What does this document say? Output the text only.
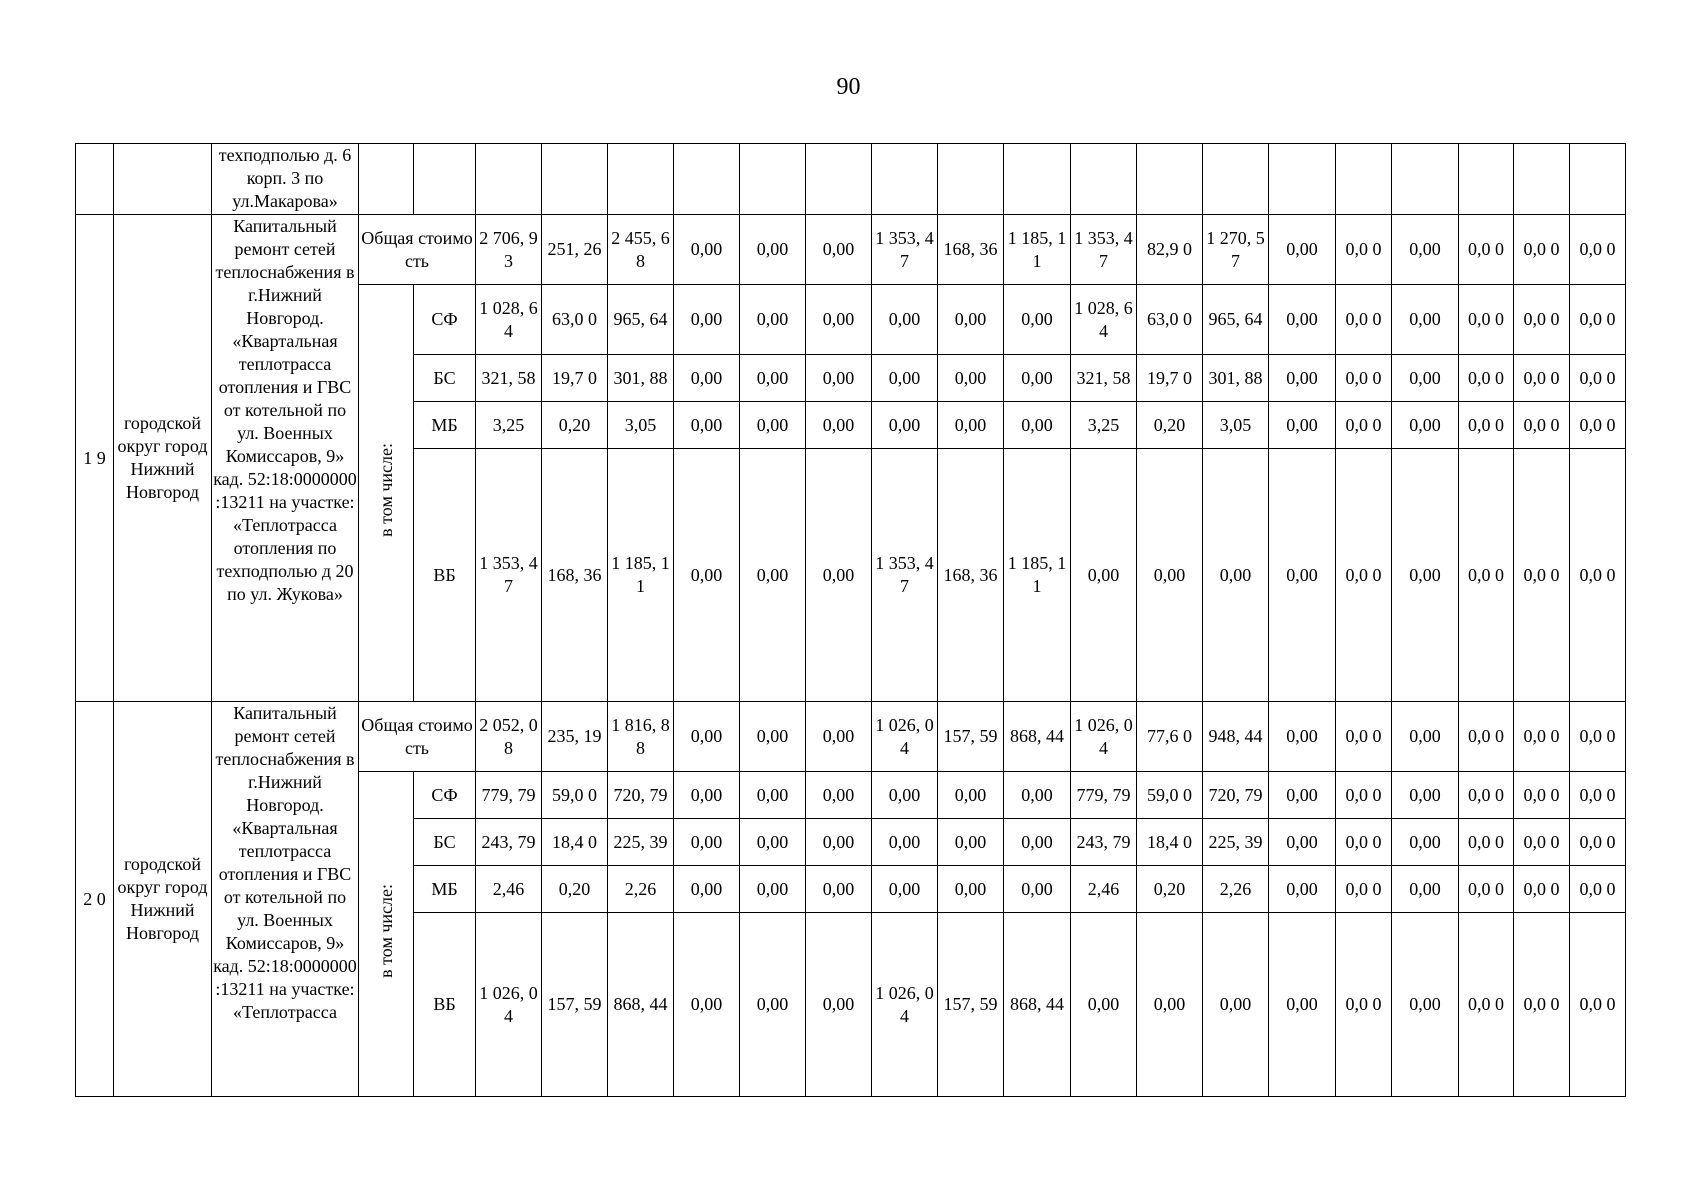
90
		техподполью д. 6 корп. 3 по ул.Макарова»																				
1 9	городской округ город Нижний Новгород	Капитальный ремонт сетей теплоснабжения в г.Нижний Новгород. «Квартальная теплотрасса отопления и ГВС от котельной по ул. Военных Комиссаров, 9» кад. 52:18:0000000 :13211 на участке: «Теплотрасса отопления по техподполью д 20 по ул. Жукова»	Общая стоимость		2 706, 93	251, 26	2 455, 68	0,00	0,00	0,00	1 353, 47	168, 36	1 185, 11	1 353, 47	82,9 0	1 270, 57	0,00	0,0 0	0,00	0,0 0	0,0 0	0,0 0
			в том числе:	СФ	1 028, 64	63,0 0	965, 64	0,00	0,00	0,00	0,00	0,00	0,00	1 028, 64	63,0 0	965, 64	0,00	0,0 0	0,00	0,0 0	0,0 0	0,0 0
				БС	321, 58	19,7 0	301, 88	0,00	0,00	0,00	0,00	0,00	0,00	321, 58	19,7 0	301, 88	0,00	0,0 0	0,00	0,0 0	0,0 0	0,0 0
				МБ	3,25	0,20	3,05	0,00	0,00	0,00	0,00	0,00	0,00	3,25	0,20	3,05	0,00	0,0 0	0,00	0,0 0	0,0 0	0,0 0
				ВБ	1 353, 47	168, 36	1 185, 11	0,00	0,00	0,00	1 353, 47	168, 36	1 185, 11	0,00	0,00	0,00	0,00	0,0 0	0,00	0,0 0	0,0 0	0,0 0
2 0	городской округ город Нижний Новгород	Капитальный ремонт сетей теплоснабжения в г.Нижний Новгород. «Квартальная теплотрасса отопления и ГВС от котельной по ул. Военных Комиссаров, 9» кад. 52:18:0000000 :13211 на участке: «Теплотрасса	Общая стоимость		2 052, 08	235, 19	1 816, 88	0,00	0,00	0,00	1 026, 04	157, 59	868, 44	1 026, 04	77,6 0	948, 44	0,00	0,0 0	0,00	0,0 0	0,0 0	0,0 0
			в том числе:	СФ	779, 79	59,0 0	720, 79	0,00	0,00	0,00	0,00	0,00	0,00	779, 79	59,0 0	720, 79	0,00	0,0 0	0,00	0,0 0	0,0 0	0,0 0
				БС	243, 79	18,4 0	225, 39	0,00	0,00	0,00	0,00	0,00	0,00	243, 79	18,4 0	225, 39	0,00	0,0 0	0,00	0,0 0	0,0 0	0,0 0
				МБ	2,46	0,20	2,26	0,00	0,00	0,00	0,00	0,00	0,00	2,46	0,20	2,26	0,00	0,0 0	0,00	0,0 0	0,0 0	0,0 0
				ВБ	1 026, 04	157, 59	868, 44	0,00	0,00	0,00	1 026, 04	157, 59	868, 44	0,00	0,00	0,00	0,00	0,0 0	0,00	0,0 0	0,0 0	0,0 0
